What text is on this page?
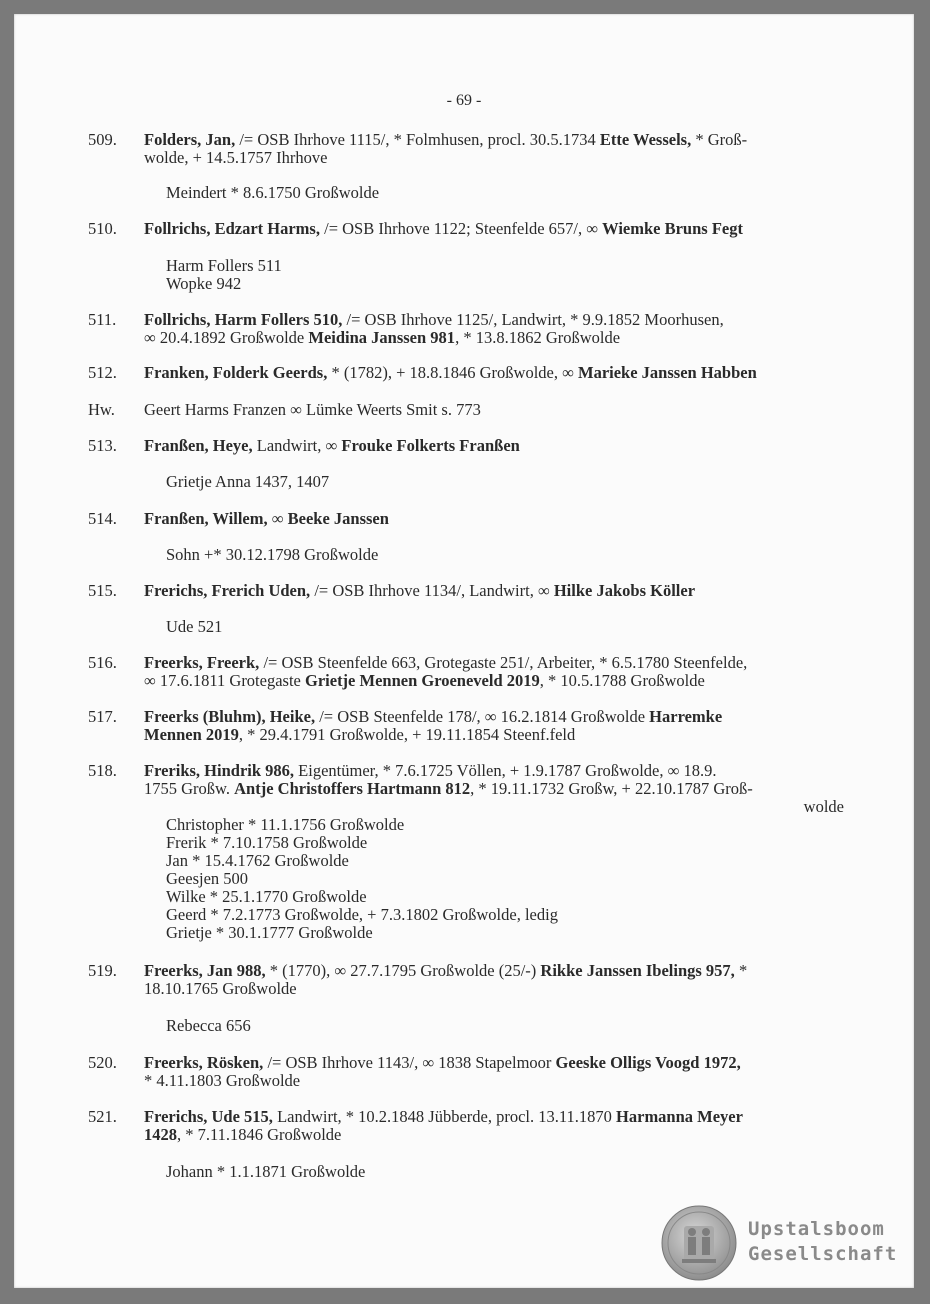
- 69 -
509. Folders, Jan, /= OSB Ihrhove 1115/, * Folmhusen, procl. 30.5.1734 Ette Wessels, * Groß-
wolde, + 14.5.1757 Ihrhove
Meindert * 8.6.1750 Großwolde
510. Follrichs, Edzart Harms, /= OSB Ihrhove 1122; Steenfelde 657/, ∞ Wiemke Bruns Fegt
Harm Follers 511
Wopke 942
511. Follrichs, Harm Follers 510, /= OSB Ihrhove 1125/, Landwirt, * 9.9.1852 Moorhusen,
∞ 20.4.1892 Großwolde Meidina Janssen 981, * 13.8.1862 Großwolde
512. Franken, Folderk Geerds, * (1782), + 18.8.1846 Großwolde, ∞ Marieke Janssen Habben
Hw. Geert Harms Franzen ∞ Lümke Weerts Smit s. 773
513. Franßen, Heye, Landwirt, ∞ Frouke Folkerts Franßen
Grietje Anna 1437, 1407
514. Franßen, Willem, ∞ Beeke Janssen
Sohn +* 30.12.1798 Großwolde
515. Frerichs, Frerich Uden, /= OSB Ihrhove 1134/, Landwirt, ∞ Hilke Jakobs Köller
Ude 521
516. Freerks, Freerk, /= OSB Steenfelde 663, Grotegaste 251/, Arbeiter, * 6.5.1780 Steenfelde,
∞ 17.6.1811 Grotegaste Grietje Mennen Groeneveld 2019, * 10.5.1788 Großwolde
517. Freerks (Bluhm), Heike, /= OSB Steenfelde 178/, ∞ 16.2.1814 Großwolde Harremke
Mennen 2019, * 29.4.1791 Großwolde, + 19.11.1854 Steenf.feld
518. Freriks, Hindrik 986, Eigentümer, * 7.6.1725 Völlen, + 1.9.1787 Großwolde, ∞ 18.9.
1755 Großw. Antje Christoffers Hartmann 812, * 19.11.1732 Großw, + 22.10.1787 Groß-
wolde
Christopher * 11.1.1756 Großwolde
Frerik * 7.10.1758 Großwolde
Jan * 15.4.1762 Großwolde
Geesjen 500
Wilke * 25.1.1770 Großwolde
Geerd * 7.2.1773 Großwolde, + 7.3.1802 Großwolde, ledig
Grietje * 30.1.1777 Großwolde
519. Freerks, Jan 988, * (1770), ∞ 27.7.1795 Großwolde (25/-) Rikke Janssen Ibelings 957, *
18.10.1765 Großwolde
Rebecca 656
520. Freerks, Rösken, /= OSB Ihrhove 1143/, ∞ 1838 Stapelmoor Geeske Olligs Voogd 1972,
* 4.11.1803 Großwolde
521. Frerichs, Ude 515, Landwirt, * 10.2.1848 Jübberde, procl. 13.11.1870 Harmanna Meyer
1428, * 7.11.1846 Großwolde
Johann * 1.1.1871 Großwolde
Upstalsboom
Gesellschaft
